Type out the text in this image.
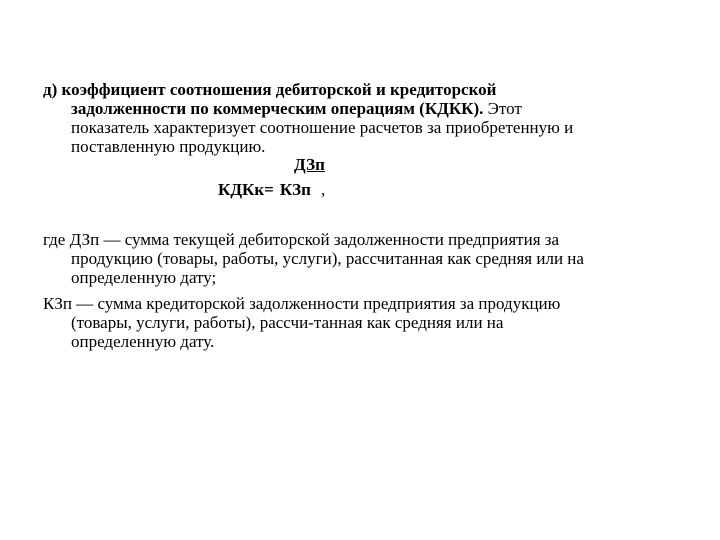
д) коэффициент соотношения дебиторской и кредиторской
задолженности по коммерческим операциям (КДКК). Этот
показатель характеризует соотношение расчетов за приобретенную и
поставленную продукцию.
ДЗп
КДКк= КЗп ,
где ДЗп — сумма текущей дебиторской задолженности предприятия за
продукцию (товары, работы, услуги), рассчитанная как средняя или на
определенную дату;
КЗп — сумма кредиторской задолженности предприятия за продукцию
(товары, услуги, работы), рассчи-танная как средняя или на
определенную дату.
